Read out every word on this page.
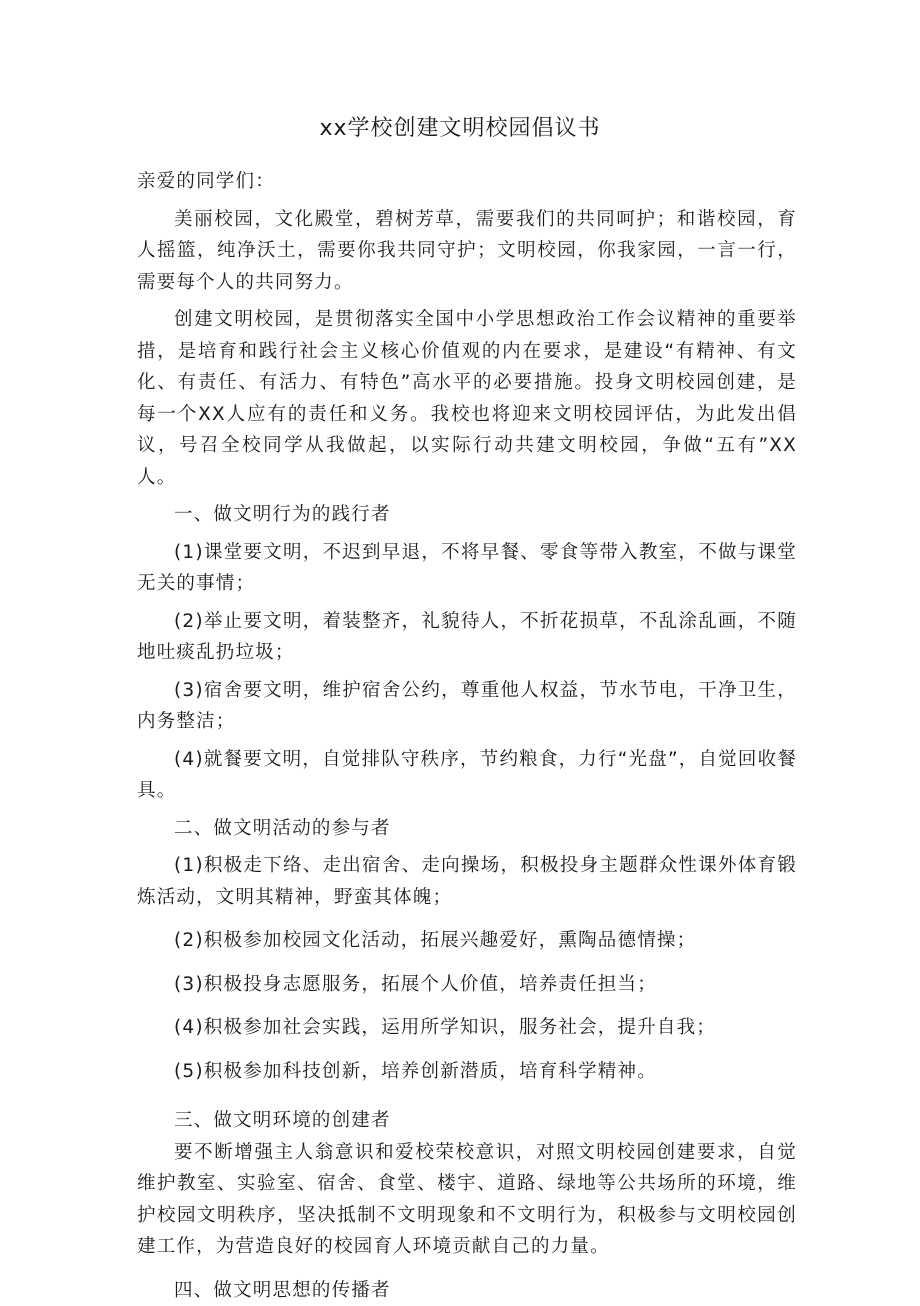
xx学校创建文明校园倡议书

亲爱的同学们：

美丽校园，文化殿堂，碧树芳草，需要我们的共同呵护；和谐校园，育人摇篮，纯净沃土，需要你我共同守护；文明校园，你我家园，一言一行，需要每个人的共同努力。

创建文明校园，是贯彻落实全国中小学思想政治工作会议精神的重要举措，是培育和践行社会主义核心价值观的内在要求，是建设“有精神、有文化、有责任、有活力、有特色”高水平的必要措施。投身文明校园创建，是每一个XX人应有的责任和义务。我校也将迎来文明校园评估，为此发出倡议，号召全校同学从我做起，以实际行动共建文明校园，争做“五有”XX人。

一、做文明行为的践行者

(1)课堂要文明，不迟到早退，不将早餐、零食等带入教室，不做与课堂无关的事情；

(2)举止要文明，着装整齐，礼貌待人，不折花损草，不乱涂乱画，不随地吐痰乱扔垃圾；

(3)宿舍要文明，维护宿舍公约，尊重他人权益，节水节电，干净卫生，内务整洁；

(4)就餐要文明，自觉排队守秩序，节约粮食，力行“光盘”，自觉回收餐具。

二、做文明活动的参与者

(1)积极走下络、走出宿舍、走向操场，积极投身主题群众性课外体育锻炼活动，文明其精神，野蛮其体魄；

(2)积极参加校园文化活动，拓展兴趣爱好，熏陶品德情操；

(3)积极投身志愿服务，拓展个人价值，培养责任担当；

(4)积极参加社会实践，运用所学知识，服务社会，提升自我；

(5)积极参加科技创新，培养创新潜质，培育科学精神。

三、做文明环境的创建者

要不断增强主人翁意识和爱校荣校意识，对照文明校园创建要求，自觉维护教室、实验室、宿舍、食堂、楼宇、道路、绿地等公共场所的环境，维护校园文明秩序，坚决抵制不文明现象和不文明行为，积极参与文明校园创建工作，为营造良好的校园育人环境贡献自己的力量。

四、做文明思想的传播者
